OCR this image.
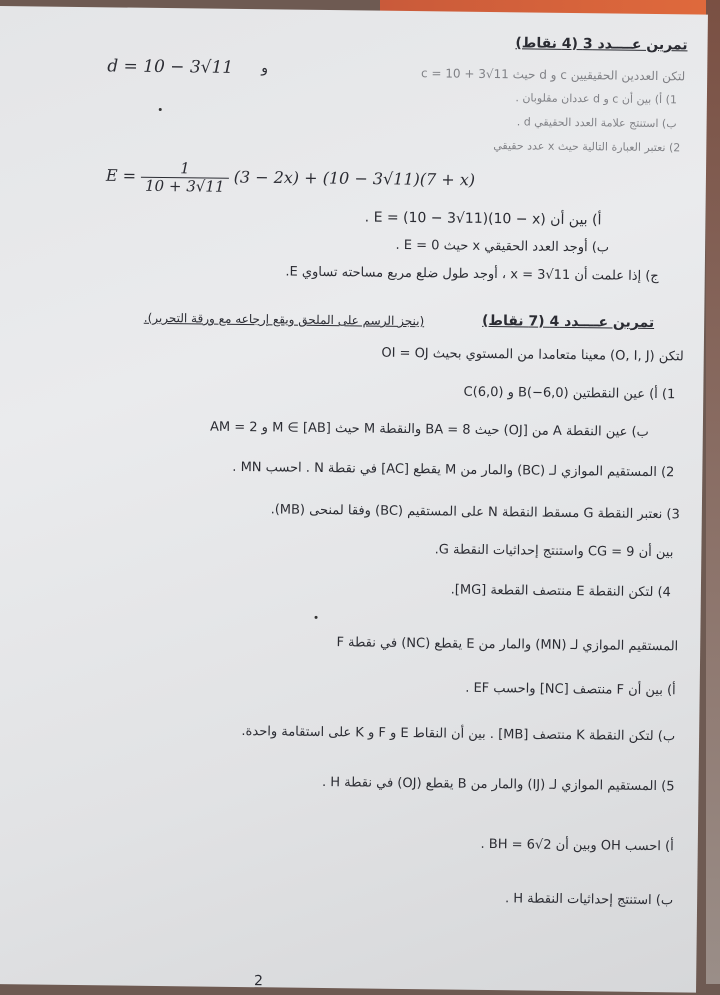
تمرين عــــدد 3 (4 نقاط)
d = 10 − 3√11 و	لتكن العددين الحقيقيين c و d حيث c = 10 + 3√11
1) أ) بين أن c و d عددان مقلوبان .
ب) استنتج علامة العدد الحقيقي d .
2) نعتبر العبارة التالية حيث x عدد حقيقي
$E = \frac{1}{10 + 3√11} (3 - 2x) + (10 - 3√11)(7 + x)$
أ) بين أن E = (10 − 3√11)(10 − x) .
ب) أوجد العدد الحقيقي x حيث E = 0 .
ج) إذا علمت أن x = 3√11 ، أوجد طول ضلع مربع مساحته تساوي E.
تمرين عــــدد 4 (7 نقاط)
(ينجز الرسم على الملحق ويقع إرجاعه مع ورقة التحرير).
لتكن (O, I, J) معينا متعامدا من المستوي بحيث OI = OJ
1) أ) عين النقطتين B(−6,0) و C(6,0)
ب) عين النقطة A من [OJ) حيث BA = 8 والنقطة M حيث M ∈ [AB] و AM = 2
2) المستقيم الموازي لـ (BC) والمار من M يقطع [AC] في نقطة N . احسب MN .
3) نعتبر النقطة G مسقط النقطة N على المستقيم (BC) وفقا لمنحى (MB).
بين أن CG = 9 واستنتج إحداثيات النقطة G.
4) لتكن النقطة E منتصف القطعة [MG].
المستقيم الموازي لـ (MN) والمار من E يقطع (NC) في نقطة F
أ) بين أن F منتصف [NC] واحسب EF .
ب) لتكن النقطة K منتصف [MB] . بين أن النقاط E و F و K على استقامة واحدة.
5) المستقيم الموازي لـ (IJ) والمار من B يقطع (OJ) في نقطة H .
أ) احسب OH وبين أن BH = 6√2 .
ب) استنتج إحداثيات النقطة H .
2
